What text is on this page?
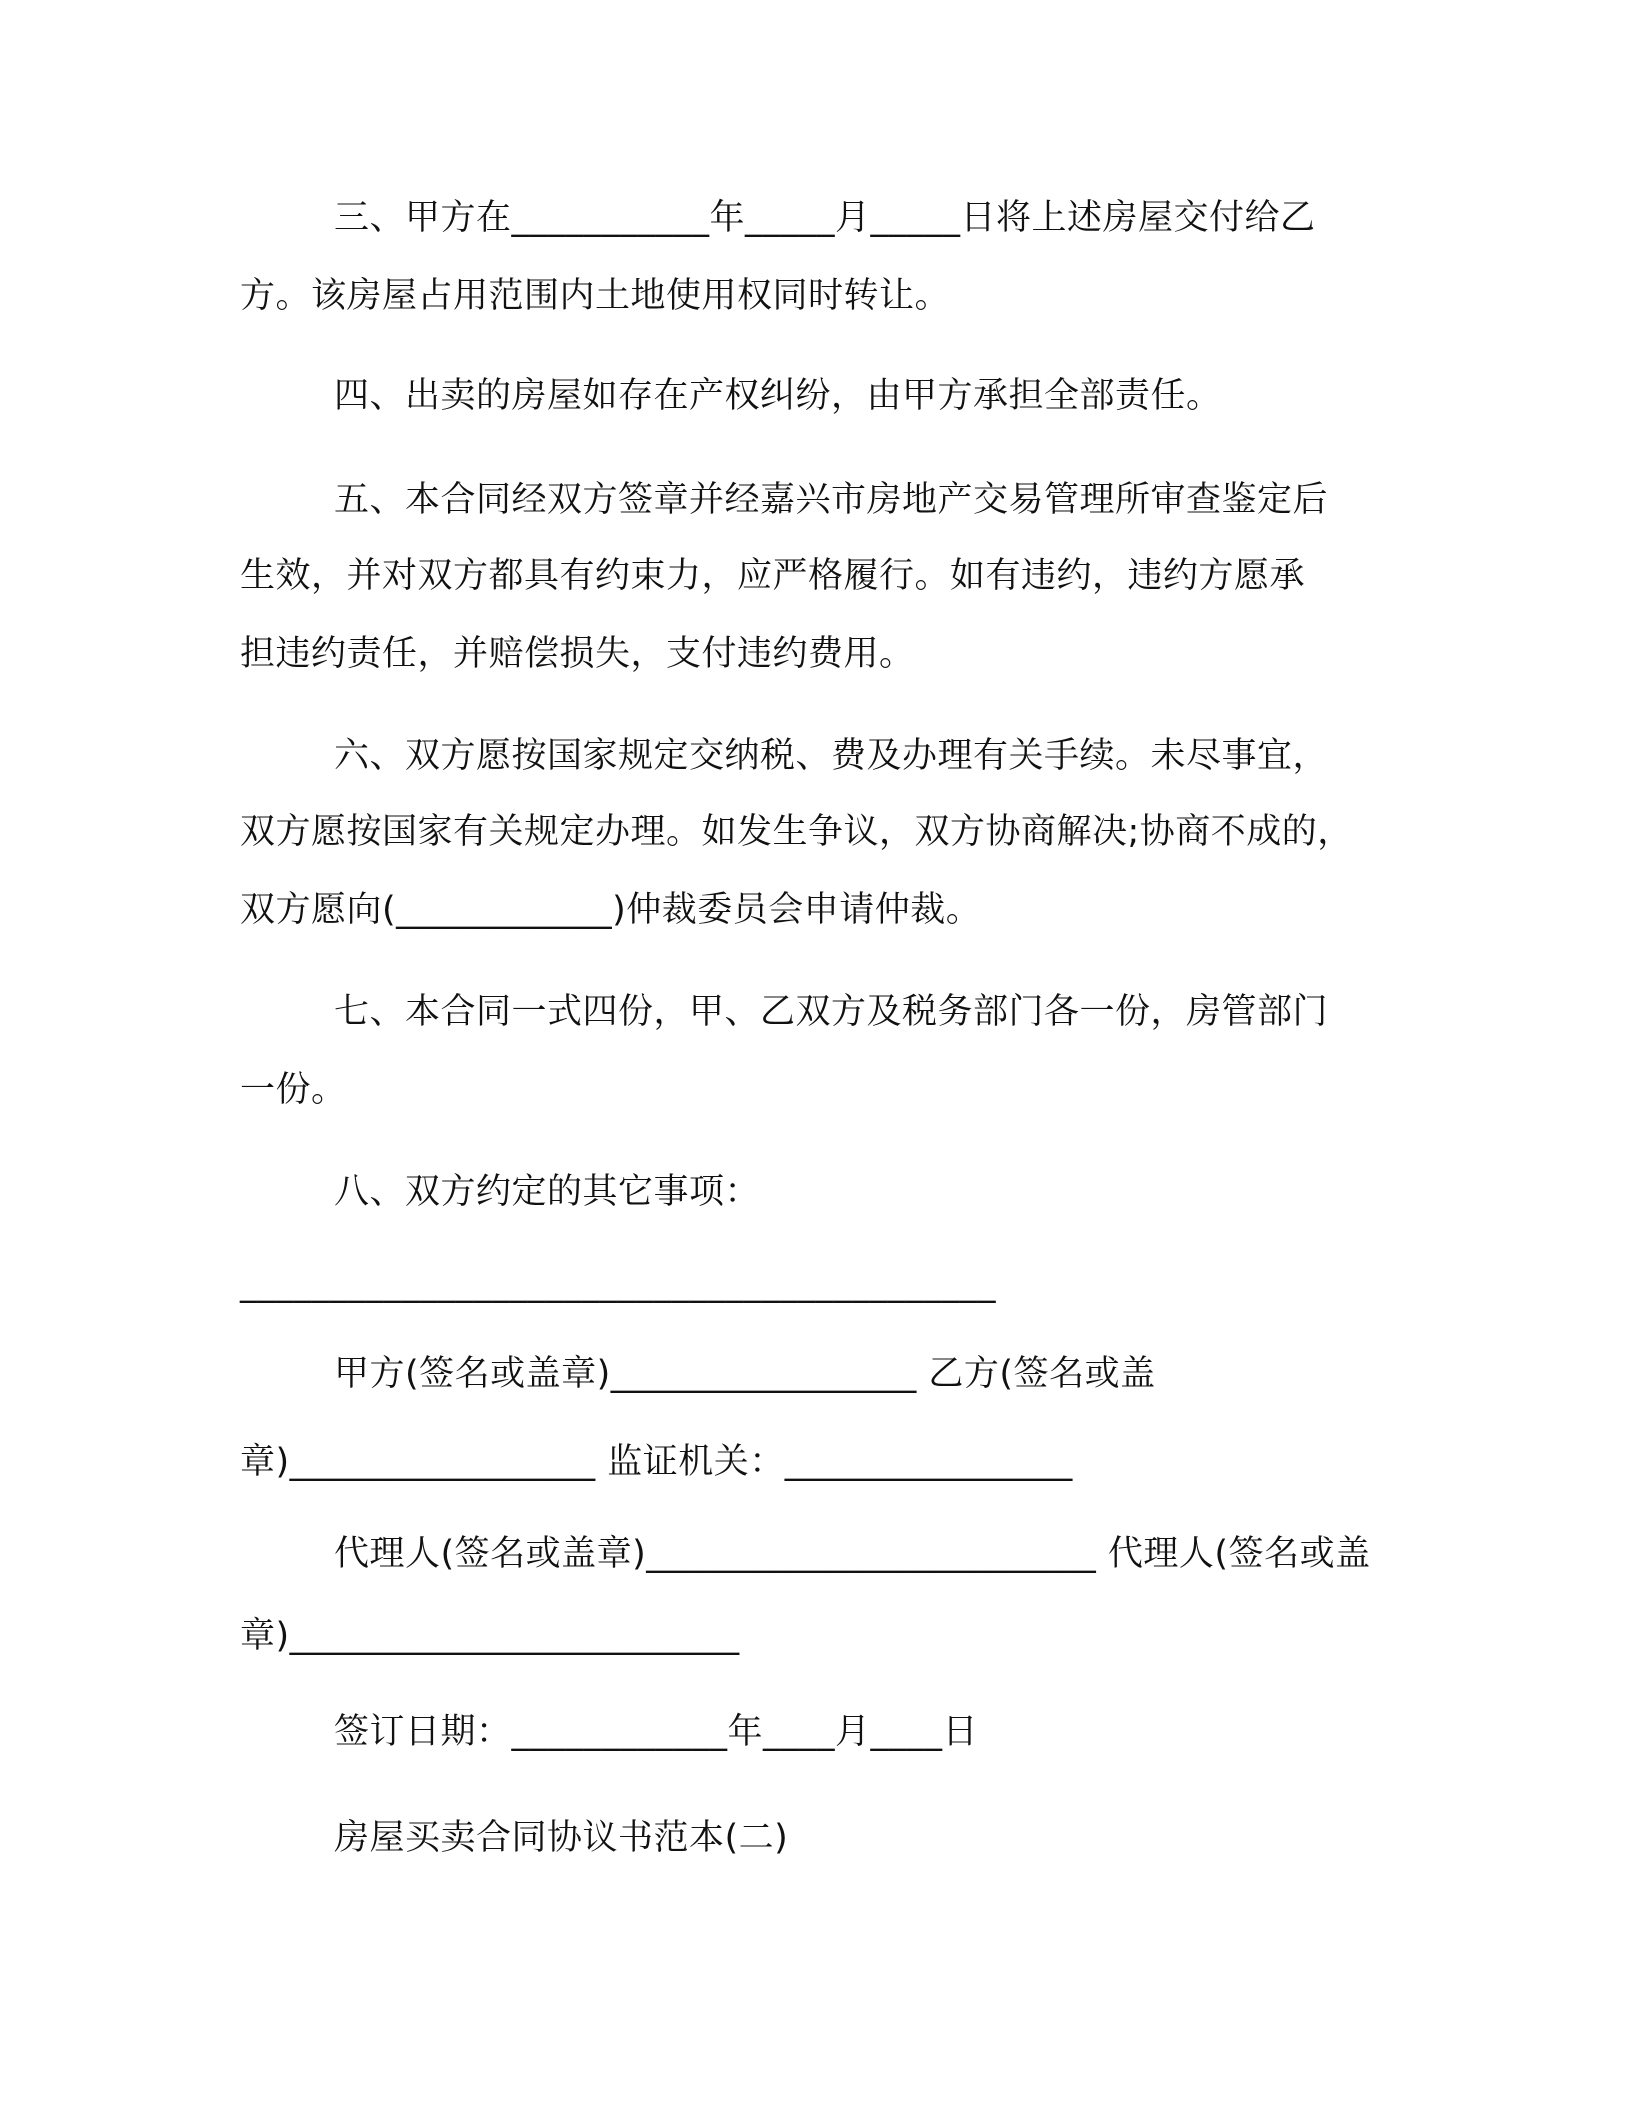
三、甲方在___________年_____月_____日将上述房屋交付给乙
方。该房屋占用范围内土地使用权同时转让。
四、出卖的房屋如存在产权纠纷，由甲方承担全部责任。
五、本合同经双方签章并经嘉兴市房地产交易管理所审查鉴定后
生效，并对双方都具有约束力，应严格履行。如有违约，违约方愿承
担违约责任，并赔偿损失，支付违约费用。
六、双方愿按国家规定交纳税、费及办理有关手续。未尽事宜，
双方愿按国家有关规定办理。如发生争议，双方协商解决;协商不成的，
双方愿向(____________)仲裁委员会申请仲裁。
七、本合同一式四份，甲、乙双方及税务部门各一份，房管部门
一份。
八、双方约定的其它事项：
__________________________________________
甲方(签名或盖章)_________________ 乙方(签名或盖
章)_________________ 监证机关：________________
代理人(签名或盖章)_________________________ 代理人(签名或盖
章)_________________________
签订日期：____________年____月____日
房屋买卖合同协议书范本(二)
